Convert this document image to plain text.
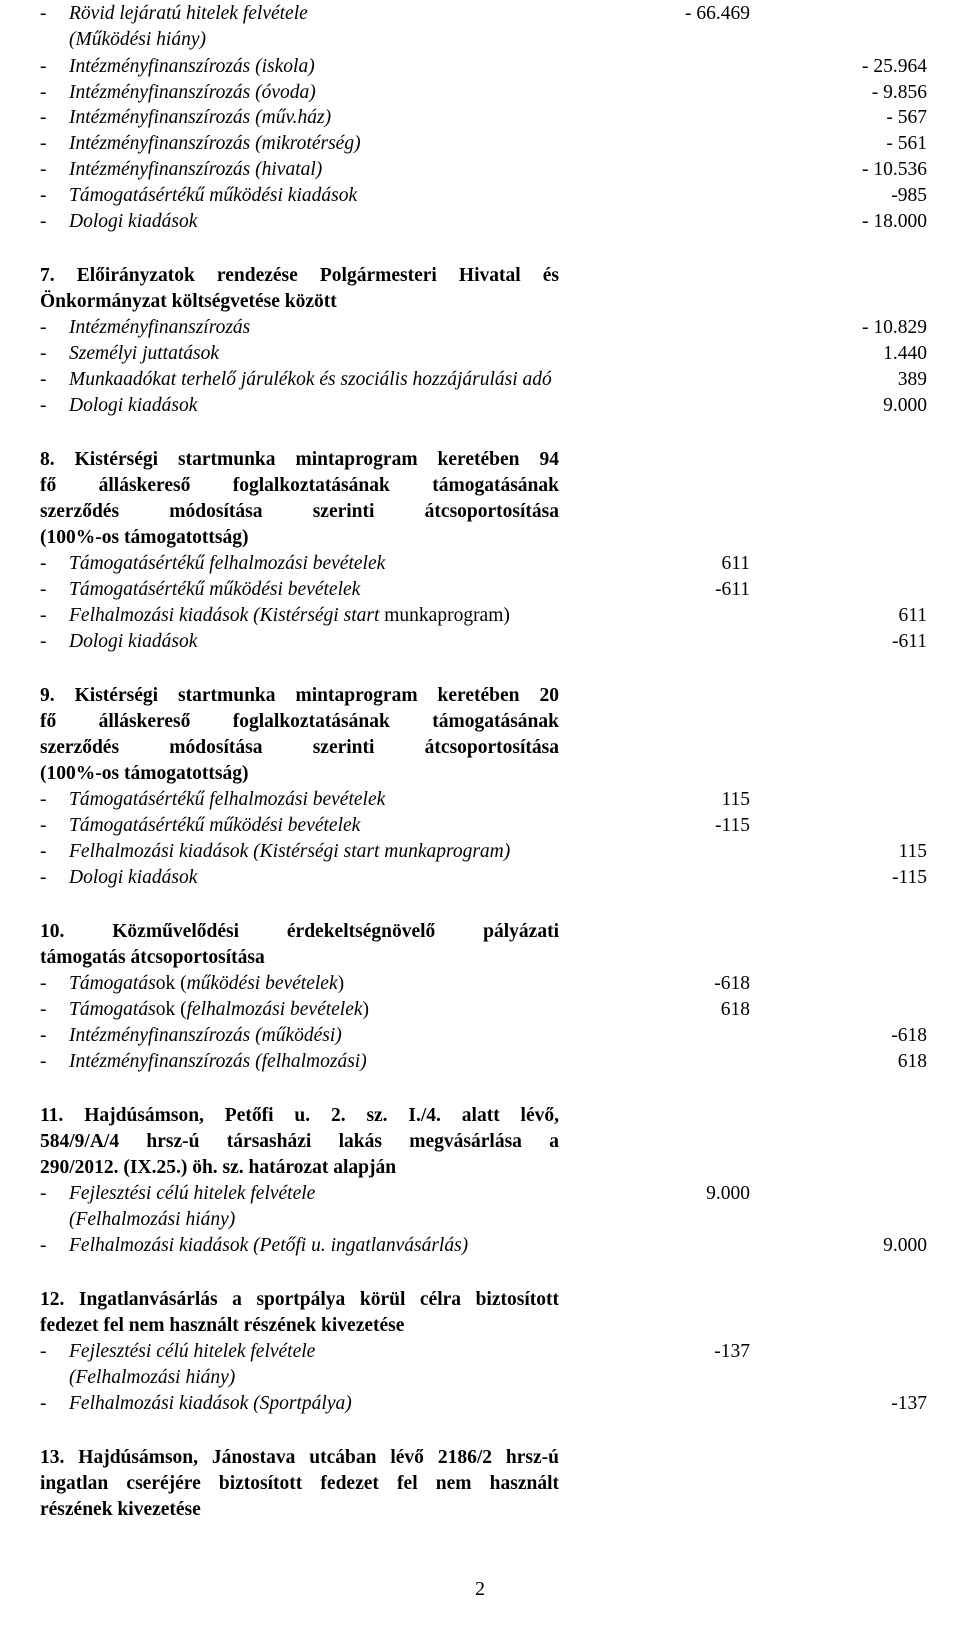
- Rövid lejáratú hitelek felvétele	- 66.469
(Működési hiány)
- Intézményfinanszírozás (iskola)	- 25.964
- Intézményfinanszírozás (óvoda)	- 9.856
- Intézményfinanszírozás (műv.ház)	- 567
- Intézményfinanszírozás (mikrotérség)	- 561
- Intézményfinanszírozás (hivatal)	- 10.536
- Támogatásértékű működési kiadások	-985
- Dologi kiadások	- 18.000
7. Előirányzatok rendezése Polgármesteri Hivatal és
Önkormányzat költségvetése között
- Intézményfinanszírozás	- 10.829
- Személyi juttatások	1.440
- Munkaadókat terhelő járulékok és szociális hozzájárulási adó	389
- Dologi kiadások	9.000
8. Kistérségi startmunka mintaprogram keretében 94
fő álláskereső foglalkoztatásának támogatásának
szerződés módosítása szerinti átcsoportosítása
(100%-os támogatottság)
- Támogatásértékű felhalmozási bevételek	611
- Támogatásértékű működési bevételek	-611
- Felhalmozási kiadások (Kistérségi start munkaprogram)	611
- Dologi kiadások	-611
9. Kistérségi startmunka mintaprogram keretében 20
fő álláskereső foglalkoztatásának támogatásának
szerződés módosítása szerinti átcsoportosítása
(100%-os támogatottság)
- Támogatásértékű felhalmozási bevételek	115
- Támogatásértékű működési bevételek	-115
- Felhalmozási kiadások (Kistérségi start munkaprogram)	115
- Dologi kiadások	-115
10. Közművelődési érdekeltségnövelő pályázati
támogatás átcsoportosítása
- Támogatások (működési bevételek)	-618
- Támogatások (felhalmozási bevételek)	618
- Intézményfinanszírozás (működési)	-618
- Intézményfinanszírozás (felhalmozási)	618
11. Hajdúsámson, Petőfi u. 2. sz. I./4. alatt lévő,
584/9/A/4 hrsz-ú társasházi lakás megvásárlása a
290/2012. (IX.25.) öh. sz. határozat alapján
- Fejlesztési célú hitelek felvétele	9.000
(Felhalmozási hiány)
- Felhalmozási kiadások (Petőfi u. ingatlanvásárlás)	9.000
12. Ingatlanvásárlás a sportpálya körül célra biztosított
fedezet fel nem használt részének kivezetése
- Fejlesztési célú hitelek felvétele	-137
(Felhalmozási hiány)
- Felhalmozási kiadások (Sportpálya)	-137
13. Hajdúsámson, Jánostava utcában lévő 2186/2 hrsz-ú
ingatlan cseréjére biztosított fedezet fel nem használt
részének kivezetése
2
